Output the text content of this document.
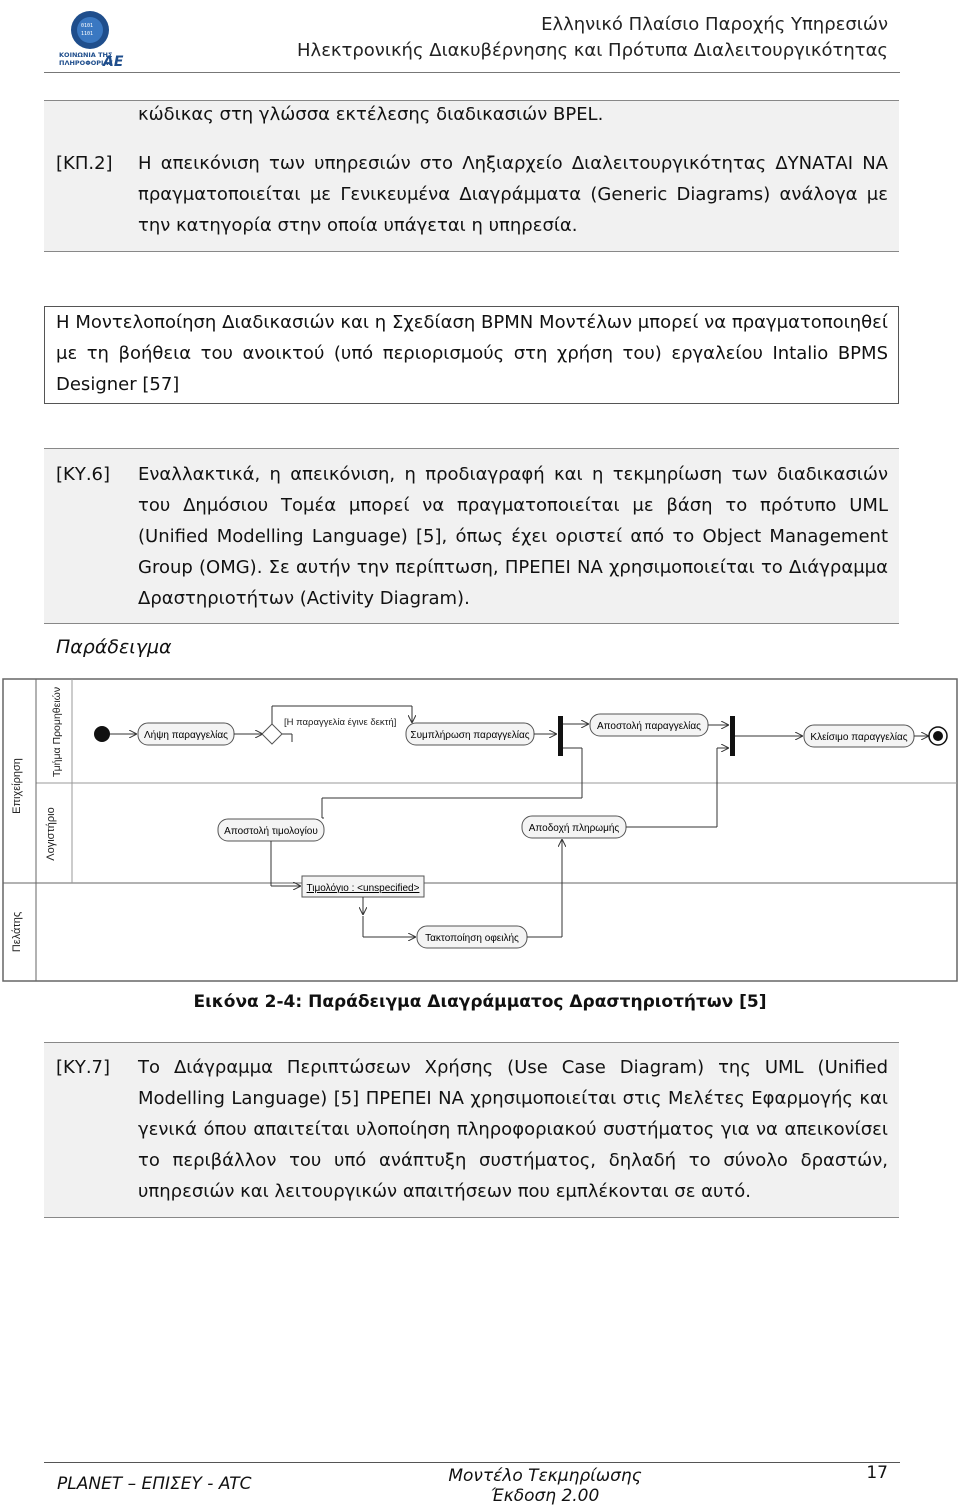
0101
1101
ΚΟΙΝΩΝΙΑ ΤΗΣ
ΠΛΗΡΟΦΟΡΙΑΣ
ΑΕ
Ελληνικό Πλαίσιο Παροχής Υπηρεσιών
Ηλεκτρονικής Διακυβέρνησης και Πρότυπα Διαλειτουργικότητας
κώδικας στη γλώσσα εκτέλεσης διαδικασιών BPEL.
[ΚΠ.2] Η απεικόνιση των υπηρεσιών στο Ληξιαρχείο Διαλειτουργικότητας ΔΥΝΑΤΑΙ ΝΑ πραγματοποιείται με Γενικευμένα Διαγράμματα (Generic Diagrams) ανάλογα με την κατηγορία στην οποία υπάγεται η υπηρεσία.
Η Μοντελοποίηση Διαδικασιών και η Σχεδίαση BPMN Μοντέλων μπορεί να πραγματοποιηθεί με τη βοήθεια του ανοικτού (υπό περιορισμούς στη χρήση του) εργαλείου Intalio BPMS Designer [57]
[ΚΥ.6] Εναλλακτικά, η απεικόνιση, η προδιαγραφή και η τεκμηρίωση των διαδικασιών του Δημόσιου Τομέα μπορεί να πραγματοποιείται με βάση το πρότυπο UML (Unified Modelling Language) [5], όπως έχει οριστεί από το Object Management Group (OMG). Σε αυτήν την περίπτωση, ΠΡΕΠΕΙ ΝΑ χρησιμοποιείται το Διάγραμμα Δραστηριοτήτων (Activity Diagram).
Παράδειγμα
Επιχείρηση
Τμήμα Προμηθειών
Λογιστήριο
Πελάτης
Λήψη παραγγελίας
[Η παραγγελία έγινε δεκτή]
Συμπλήρωση παραγγελίας
Αποστολή παραγγελίας
Κλείσιμο παραγγελίας
Αποστολή τιμολογίου
Τιμολόγιο : <unspecified>
Τακτοποίηση οφειλής
Αποδοχή πληρωμής
Εικόνα 2-4: Παράδειγμα Διαγράμματος Δραστηριοτήτων [5]
[ΚΥ.7] Το Διάγραμμα Περιπτώσεων Χρήσης (Use Case Diagram) της UML (Unified Modelling Language) [5] ΠΡΕΠΕΙ ΝΑ χρησιμοποιείται στις Μελέτες Εφαρμογής και γενικά όπου απαιτείται υλοποίηση πληροφοριακού συστήματος για να απεικονίσει το περιβάλλον του υπό ανάπτυξη συστήματος, δηλαδή το σύνολο δραστών, υπηρεσιών και λειτουργικών απαιτήσεων που εμπλέκονται σε αυτό.
PLANET – ΕΠΙΣΕΥ - ATC	Μοντέλο Τεκμηρίωσης
Έκδοση 2.00
17
